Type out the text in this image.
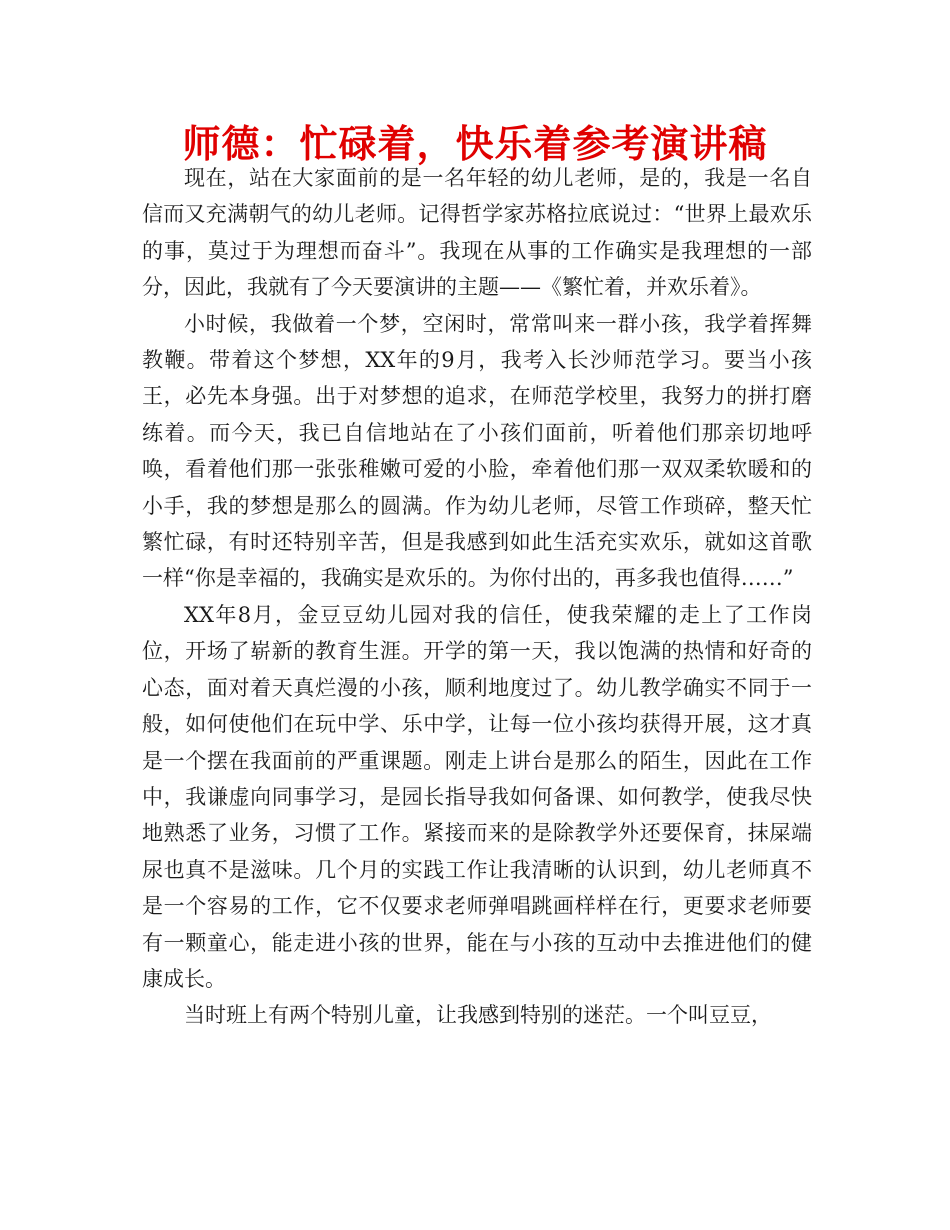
师德：忙碌着，快乐着参考演讲稿

现在，站在大家面前的是一名年轻的幼儿老师，是的，我是一名自信而又充满朝气的幼儿老师。记得哲学家苏格拉底说过：“世界上最欢乐的事，莫过于为理想而奋斗”。我现在从事的工作确实是我理想的一部分，因此，我就有了今天要演讲的主题——《繁忙着，并欢乐着》。

小时候，我做着一个梦，空闲时，常常叫来一群小孩，我学着挥舞教鞭。带着这个梦想，XX年的9月，我考入长沙师范学习。要当小孩王，必先本身强。出于对梦想的追求，在师范学校里，我努力的拼打磨练着。而今天，我已自信地站在了小孩们面前，听着他们那亲切地呼唤，看着他们那一张张稚嫩可爱的小脸，牵着他们那一双双柔软暖和的小手，我的梦想是那么的圆满。作为幼儿老师，尽管工作琐碎，整天忙繁忙碌，有时还特别辛苦，但是我感到如此生活充实欢乐，就如这首歌一样“你是幸福的，我确实是欢乐的。为你付出的，再多我也值得……”

XX年8月，金豆豆幼儿园对我的信任，使我荣耀的走上了工作岗位，开场了崭新的教育生涯。开学的第一天，我以饱满的热情和好奇的心态，面对着天真烂漫的小孩，顺利地度过了。幼儿教学确实不同于一般，如何使他们在玩中学、乐中学，让每一位小孩均获得开展，这才真是一个摆在我面前的严重课题。刚走上讲台是那么的陌生，因此在工作中，我谦虚向同事学习，是园长指导我如何备课、如何教学，使我尽快地熟悉了业务，习惯了工作。紧接而来的是除教学外还要保育，抹屎端尿也真不是滋味。几个月的实践工作让我清晰的认识到，幼儿老师真不是一个容易的工作，它不仅要求老师弹唱跳画样样在行，更要求老师要有一颗童心，能走进小孩的世界，能在与小孩的互动中去推进他们的健康成长。

当时班上有两个特别儿童，让我感到特别的迷茫。一个叫豆豆，
